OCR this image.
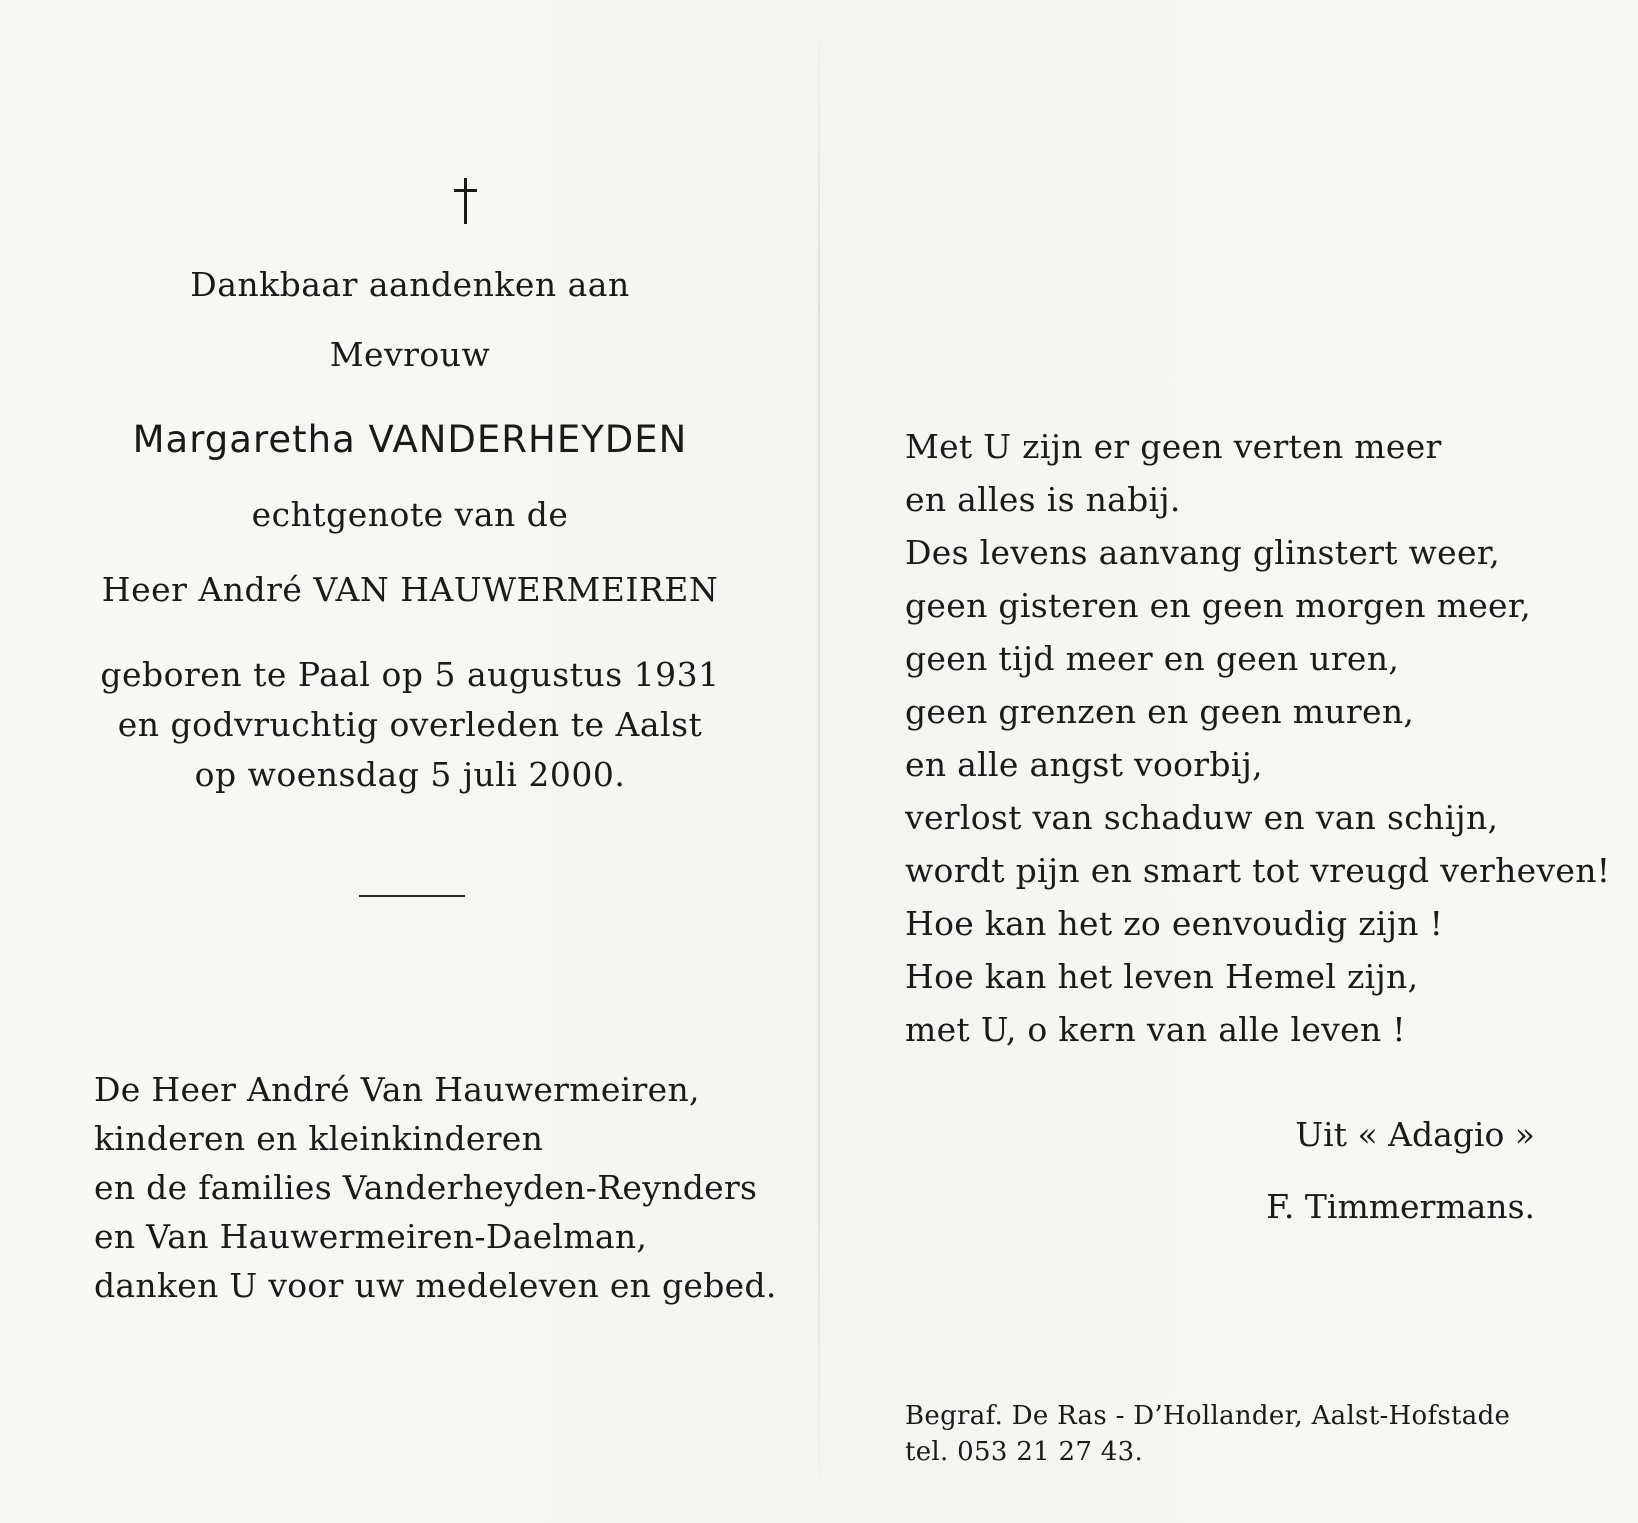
Dankbaar aandenken aan
Mevrouw
Margaretha VANDERHEYDEN
echtgenote van de
Heer André VAN HAUWERMEIREN
geboren te Paal op 5 augustus 1931
en godvruchtig overleden te Aalst
op woensdag 5 juli 2000.
De Heer André Van Hauwermeiren,
kinderen en kleinkinderen
en de families Vanderheyden-Reynders
en Van Hauwermeiren-Daelman,
danken U voor uw medeleven en gebed.
Met U zijn er geen verten meer
en alles is nabij.
Des levens aanvang glinstert weer,
geen gisteren en geen morgen meer,
geen tijd meer en geen uren,
geen grenzen en geen muren,
en alle angst voorbij,
verlost van schaduw en van schijn,
wordt pijn en smart tot vreugd verheven!
Hoe kan het zo eenvoudig zijn !
Hoe kan het leven Hemel zijn,
met U, o kern van alle leven !
Uit « Adagio »
F. Timmermans.
Begraf. De Ras - D’Hollander, Aalst-Hofstade
tel. 053 21 27 43.
